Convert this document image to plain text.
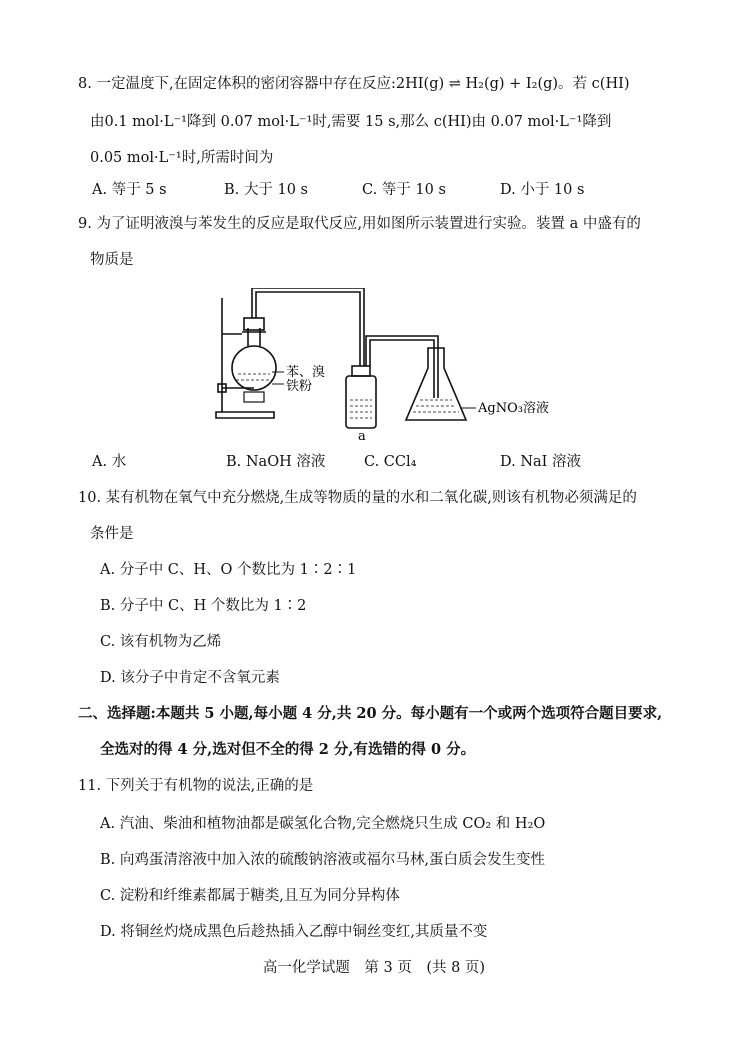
8. 一定温度下,在固定体积的密闭容器中存在反应:2HI(g) ⇌ H₂(g) + I₂(g)。若 c(HI)
由0.1 mol·L⁻¹降到 0.07 mol·L⁻¹时,需要 15 s,那么 c(HI)由 0.07 mol·L⁻¹降到
0.05 mol·L⁻¹时,所需时间为
A. 等于 5 s	B. 大于 10 s	C. 等于 10 s	D. 小于 10 s
9. 为了证明液溴与苯发生的反应是取代反应,用如图所示装置进行实验。装置 a 中盛有的
物质是
苯、溴
铁粉
a
AgNO₃溶液
A. 水	B. NaOH 溶液	C. CCl₄	D. NaI 溶液
10. 某有机物在氧气中充分燃烧,生成等物质的量的水和二氧化碳,则该有机物必须满足的
条件是
A. 分子中 C、H、O 个数比为 1∶2∶1
B. 分子中 C、H 个数比为 1∶2
C. 该有机物为乙烯
D. 该分子中肯定不含氧元素
二、选择题:本题共 5 小题,每小题 4 分,共 20 分。每小题有一个或两个选项符合题目要求,
全选对的得 4 分,选对但不全的得 2 分,有选错的得 0 分。
11. 下列关于有机物的说法,正确的是
A. 汽油、柴油和植物油都是碳氢化合物,完全燃烧只生成 CO₂ 和 H₂O
B. 向鸡蛋清溶液中加入浓的硫酸钠溶液或福尔马林,蛋白质会发生变性
C. 淀粉和纤维素都属于糖类,且互为同分异构体
D. 将铜丝灼烧成黑色后趁热插入乙醇中铜丝变红,其质量不变
高一化学试题　第 3 页　(共 8 页)
